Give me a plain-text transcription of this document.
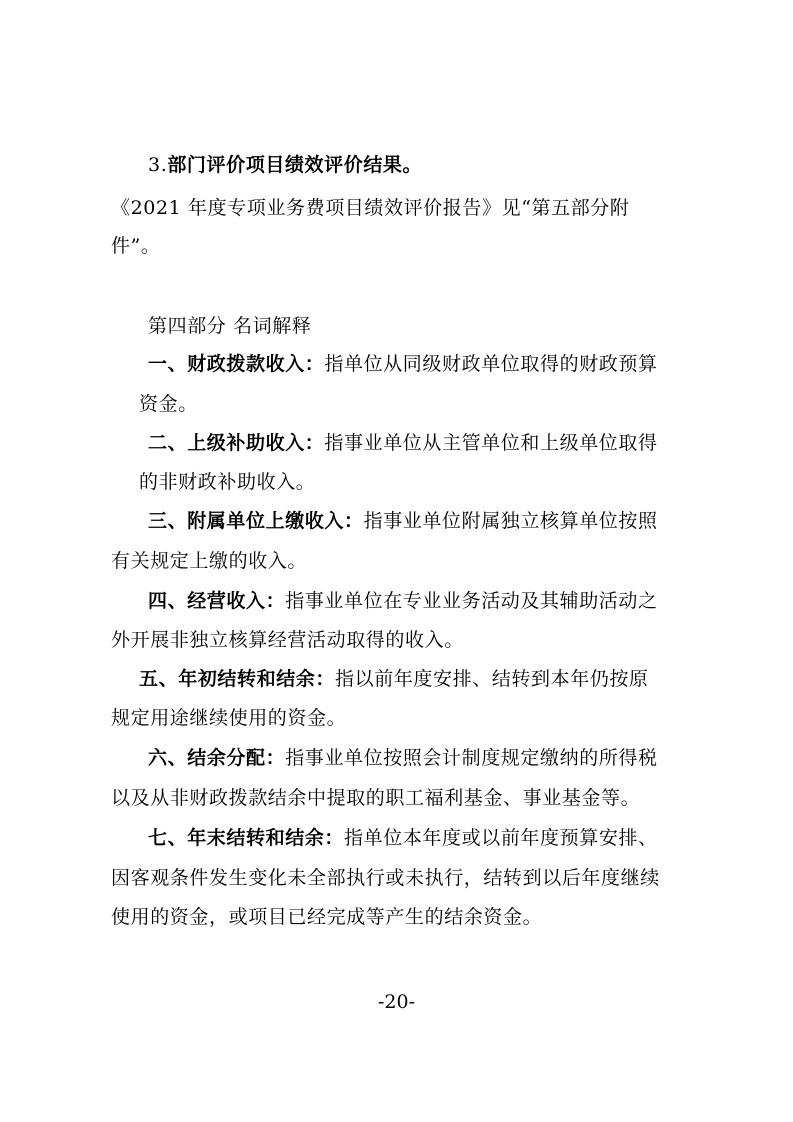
3.部门评价项目绩效评价结果。
《2021 年度专项业务费项目绩效评价报告》见“第五部分附
件”。
第四部分 名词解释
一、财政拨款收入：指单位从同级财政单位取得的财政预算
资金。
二、上级补助收入：指事业单位从主管单位和上级单位取得
的非财政补助收入。
三、附属单位上缴收入：指事业单位附属独立核算单位按照
有关规定上缴的收入。
四、经营收入：指事业单位在专业业务活动及其辅助活动之
外开展非独立核算经营活动取得的收入。
五、年初结转和结余：指以前年度安排、结转到本年仍按原
规定用途继续使用的资金。
六、结余分配：指事业单位按照会计制度规定缴纳的所得税
以及从非财政拨款结余中提取的职工福利基金、事业基金等。
七、年末结转和结余：指单位本年度或以前年度预算安排、
因客观条件发生变化未全部执行或未执行，结转到以后年度继续
使用的资金，或项目已经完成等产生的结余资金。
-20-
